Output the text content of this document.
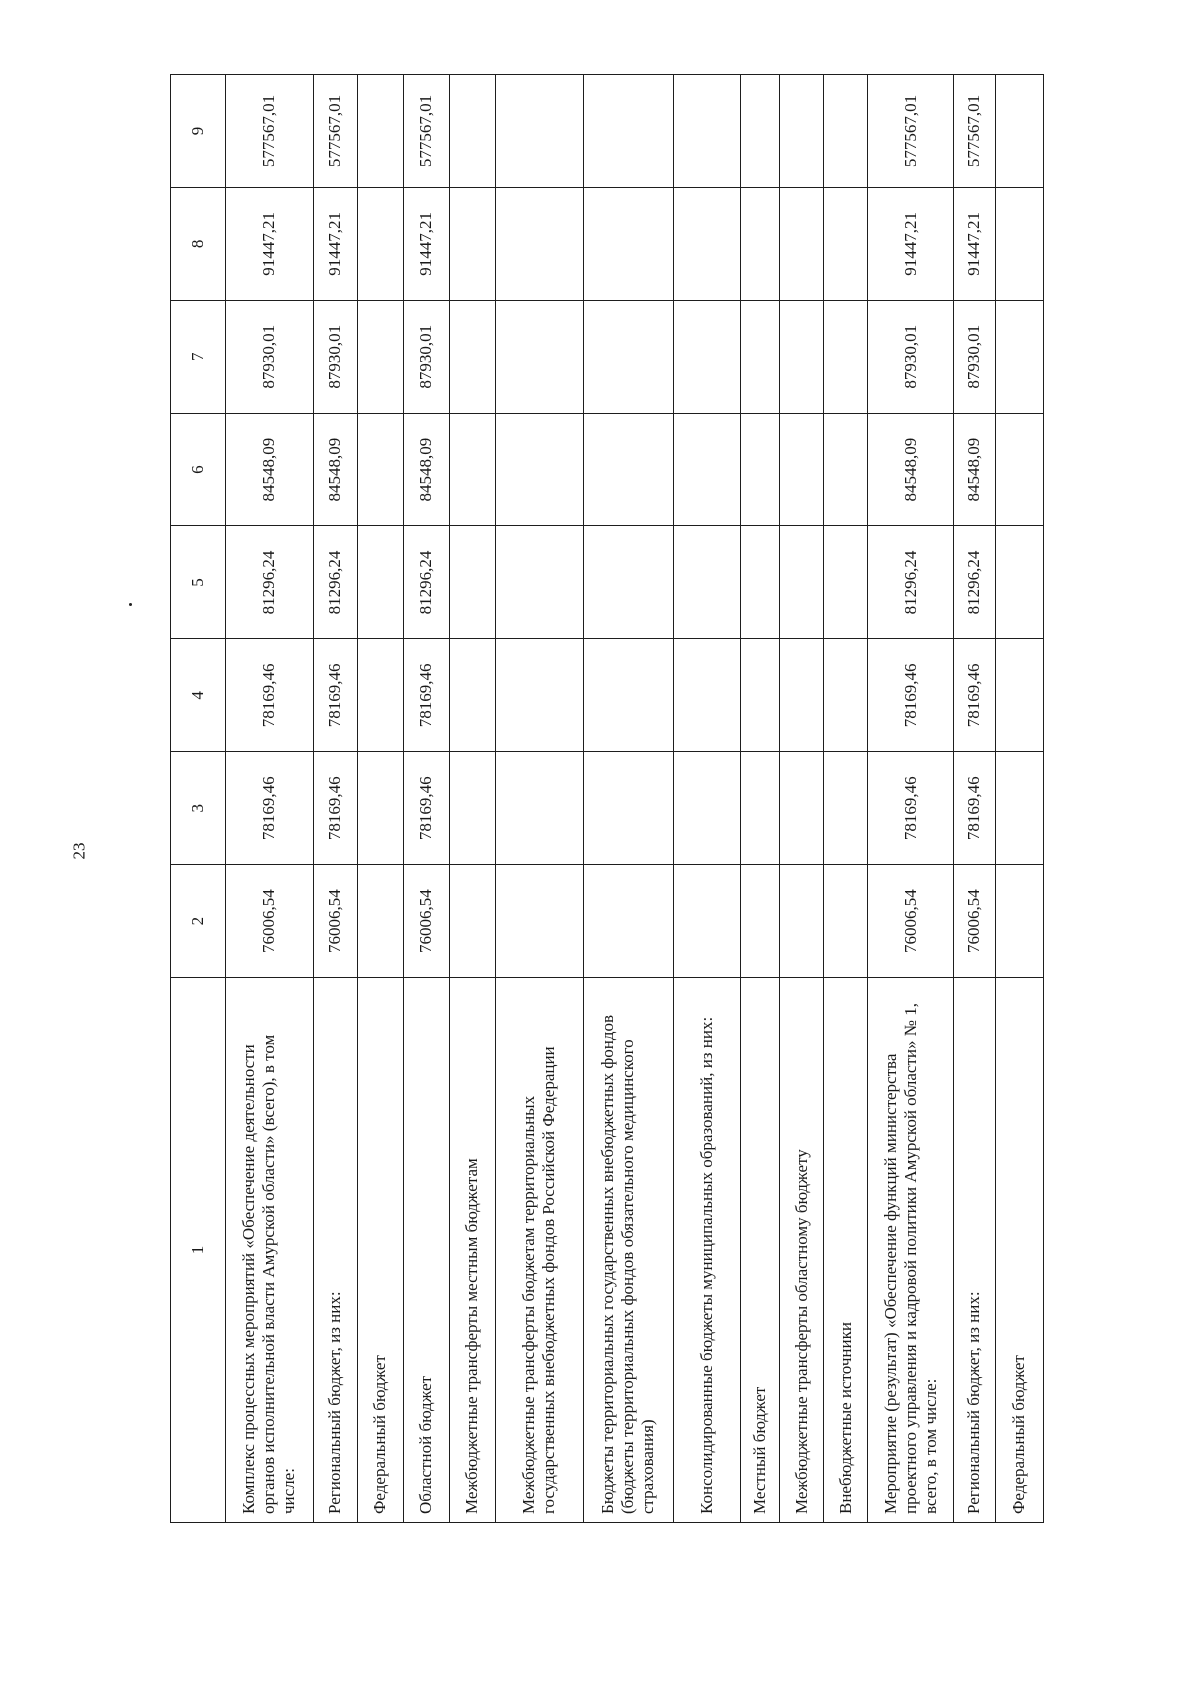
23
1	2	3	4	5	6	7	8	9
Комплекс процессных мероприятий «Обеспечение деятельности органов исполнительной власти Амурской области» (всего), в том числе:	76006,54	78169,46	78169,46	81296,24	84548,09	87930,01	91447,21	577567,01
Региональный бюджет, из них:	76006,54	78169,46	78169,46	81296,24	84548,09	87930,01	91447,21	577567,01
Федеральный бюджет								
Областной бюджет	76006,54	78169,46	78169,46	81296,24	84548,09	87930,01	91447,21	577567,01
Межбюджетные трансферты местным бюджетам								
Межбюджетные трансферты бюджетам территориальных государственных внебюджетных фондов Российской Федерации								
Бюджеты территориальных государственных внебюджетных фондов (бюджеты территориальных фондов обязательного медицинского страхования)								
Консолидированные бюджеты муниципальных образований, из них:								
Местный бюджет								
Межбюджетные трансферты областному бюджету								
Внебюджетные источники								
Мероприятие (результат) «Обеспечение функций министерства проектного управления и кадровой политики Амурской области» № 1, всего, в том числе:	76006,54	78169,46	78169,46	81296,24	84548,09	87930,01	91447,21	577567,01
Региональный бюджет, из них:	76006,54	78169,46	78169,46	81296,24	84548,09	87930,01	91447,21	577567,01
Федеральный бюджет								
